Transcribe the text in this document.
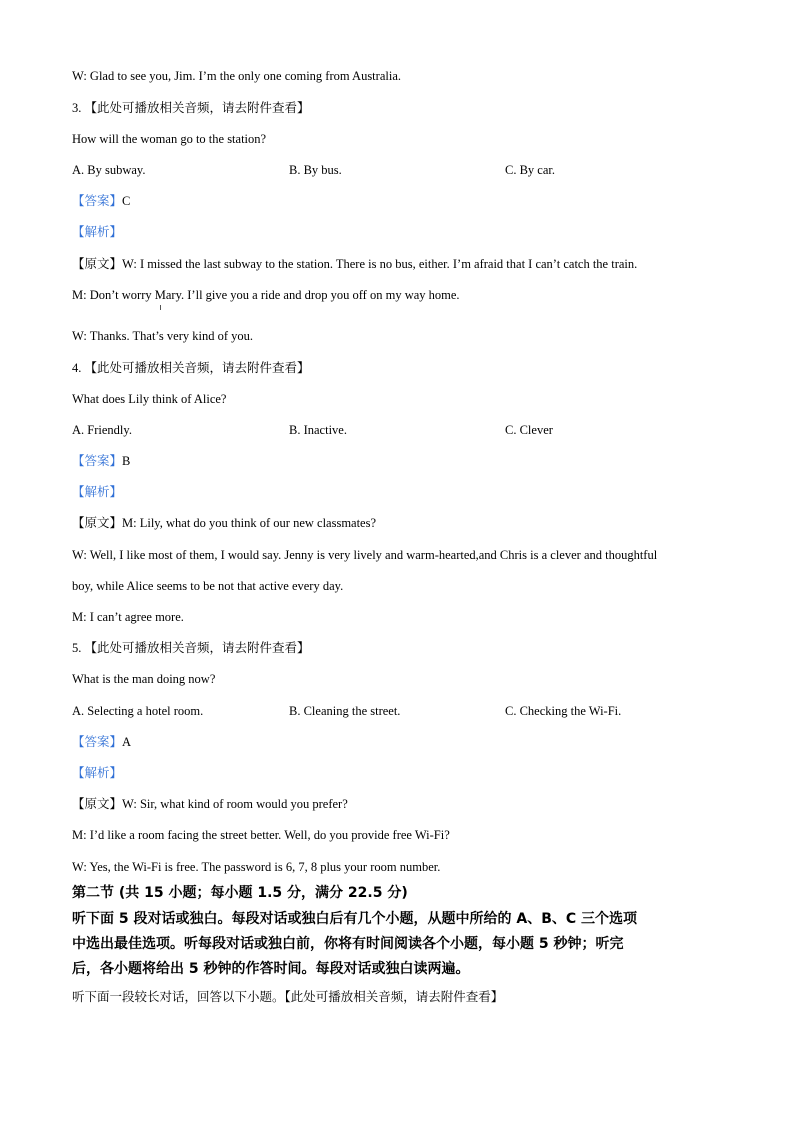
W: Glad to see you, Jim. I’m the only one coming from Australia.
3. 【此处可播放相关音频，请去附件查看】
How will the woman go to the station?
A. By subway.	B. By bus.	C. By car.
【答案】C
【解析】
【原文】W: I missed the last subway to the station. There is no bus, either. I’m afraid that I can’t catch the train.
M: Don’t worry Mary. I’ll give you a ride and drop you off on my way home.
W: Thanks. That’s very kind of you.
4. 【此处可播放相关音频，请去附件查看】
What does Lily think of Alice?
A. Friendly.	B. Inactive.	C. Clever
【答案】B
【解析】
【原文】M: Lily, what do you think of our new classmates?
W: Well, I like most of them, I would say. Jenny is very lively and warm-hearted,and Chris is a clever and thoughtful
boy, while Alice seems to be not that active every day.
M: I can’t agree more.
5. 【此处可播放相关音频，请去附件查看】
What is the man doing now?
A. Selecting a hotel room.	B. Cleaning the street.	C. Checking the Wi-Fi.
【答案】A
【解析】
【原文】W: Sir, what kind of room would you prefer?
M: I’d like a room facing the street better. Well, do you provide free Wi-Fi?
W: Yes, the Wi-Fi is free. The password is 6, 7, 8 plus your room number.
第二节 (共 15 小题；每小题 1.5 分，满分 22.5 分)
听下面 5 段对话或独白。每段对话或独白后有几个小题，从题中所给的 A、B、C 三个选项
中选出最佳选项。听每段对话或独白前，你将有时间阅读各个小题，每小题 5 秒钟；听完
后，各小题将给出 5 秒钟的作答时间。每段对话或独白读两遍。
听下面一段较长对话，回答以下小题。【此处可播放相关音频，请去附件查看】
